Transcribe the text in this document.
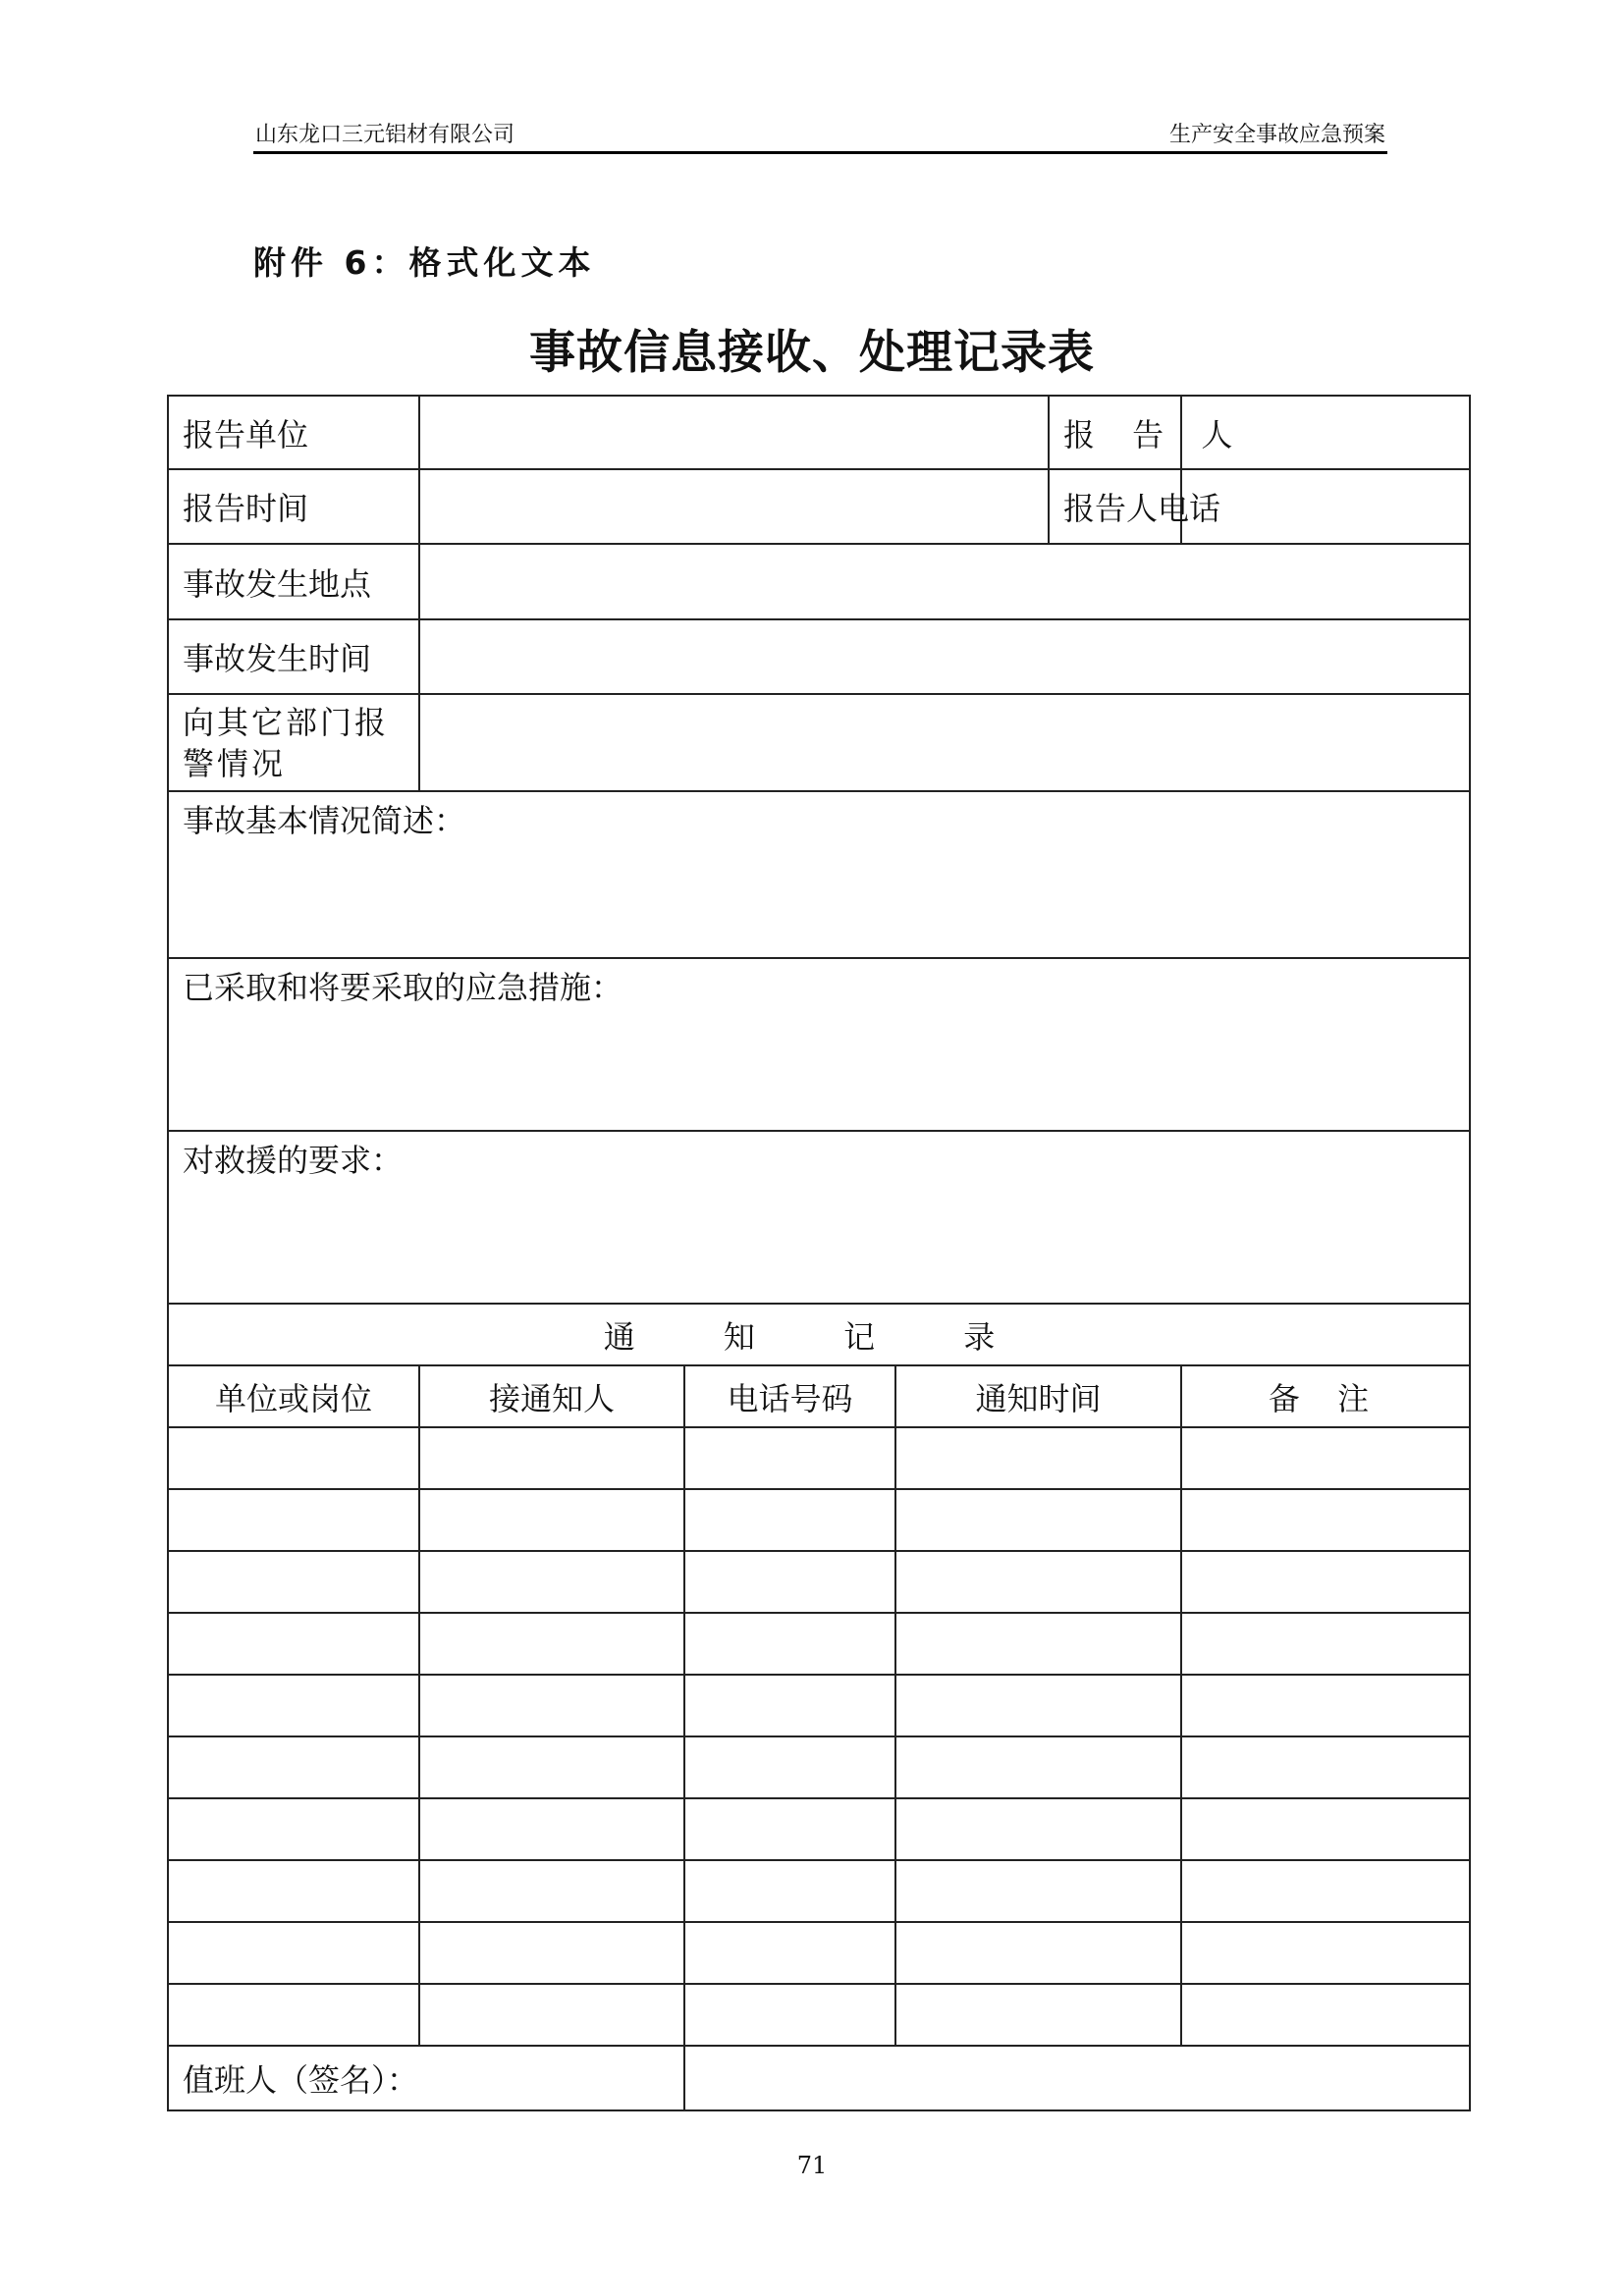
山东龙口三元铝材有限公司	生产安全事故应急预案
附件 6：格式化文本
事故信息接收、处理记录表
报告单位				报 告 人	
报告时间				报告人电话	
事故发生地点					
事故发生时间					
向其它部门报警情况					
事故基本情况简述：					
已采取和将要采取的应急措施：					
对救援的要求：					
通 知 记 录					
单位或岗位	接通知人	电话号码	通知时间		备 注

值班人（签名）：					
71
